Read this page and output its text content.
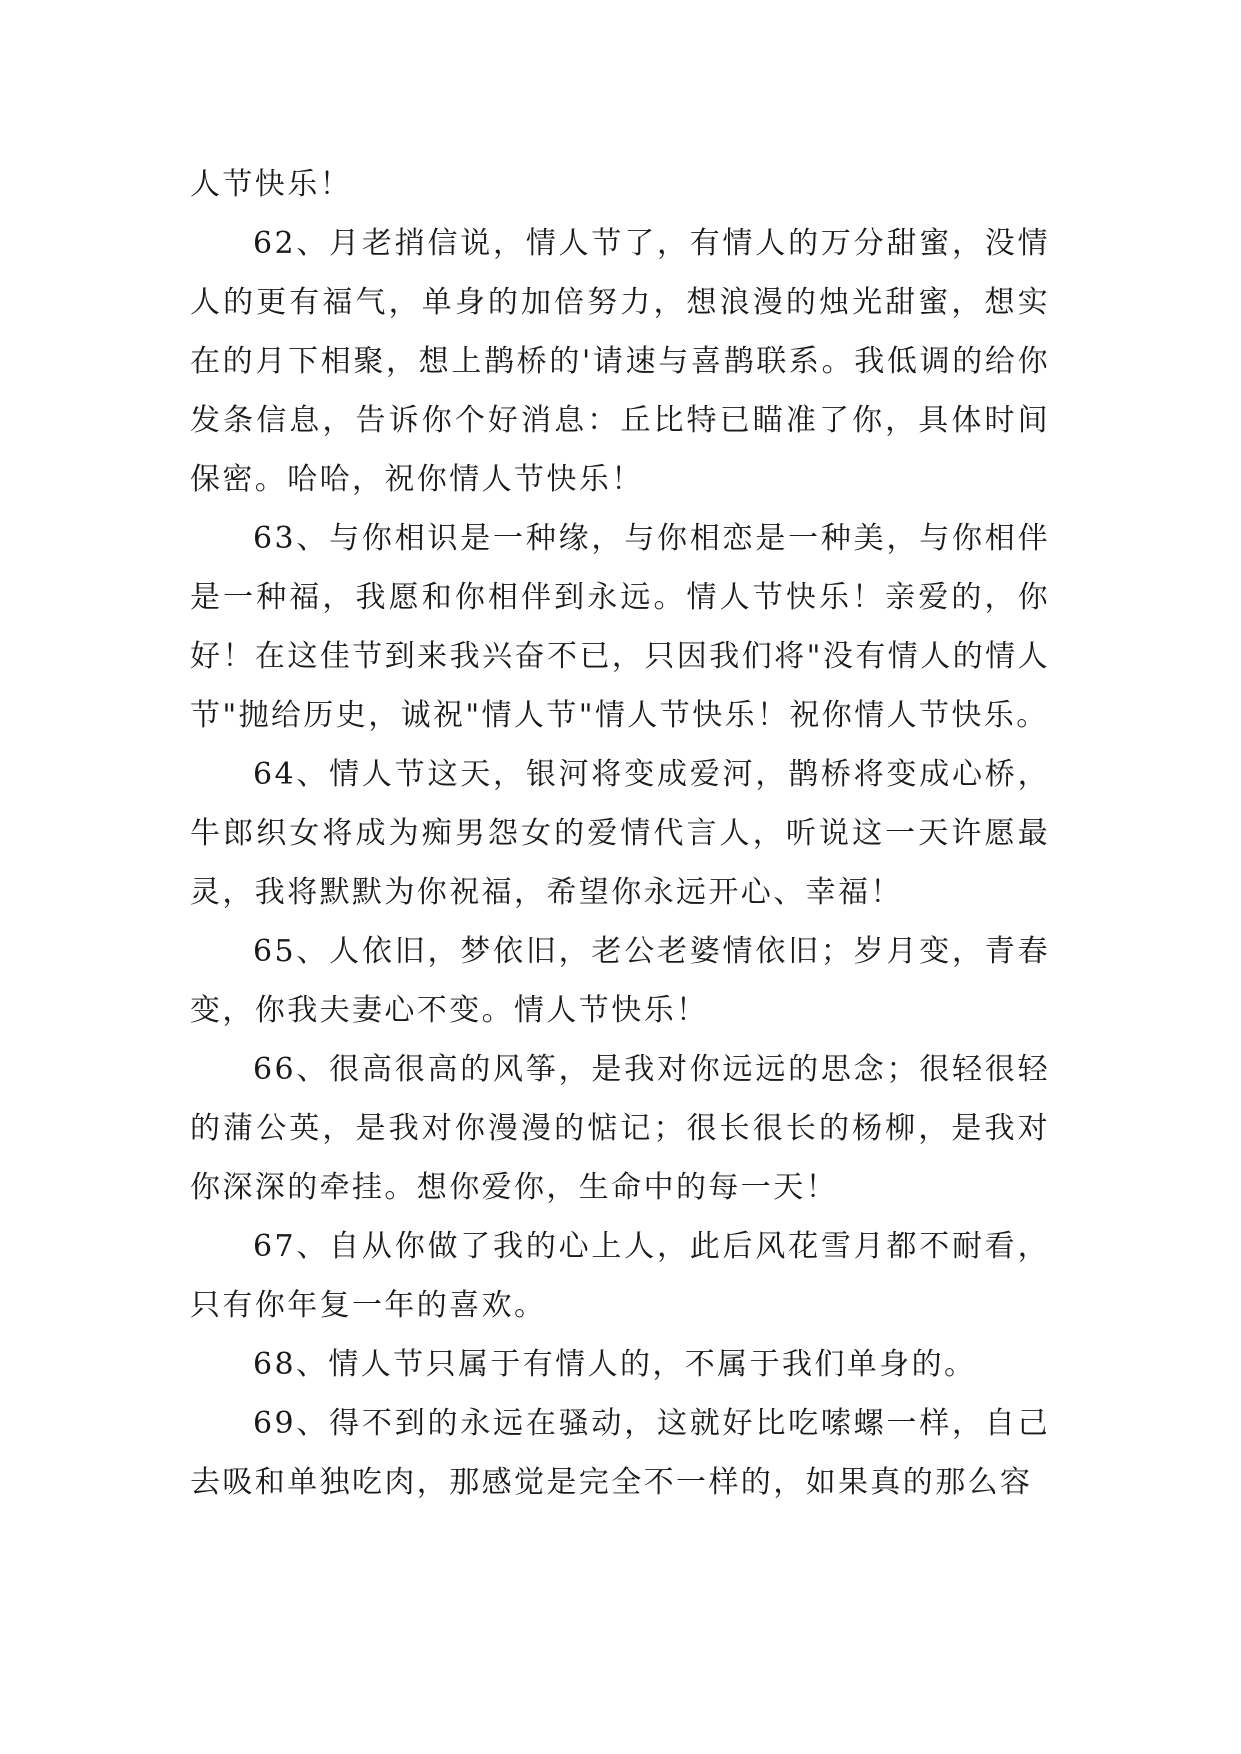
人节快乐！

62、月老捎信说，情人节了，有情人的万分甜蜜，没情人的更有福气，单身的加倍努力，想浪漫的烛光甜蜜，想实在的月下相聚，想上鹊桥的'请速与喜鹊联系。我低调的给你发条信息，告诉你个好消息：丘比特已瞄准了你，具体时间保密。哈哈，祝你情人节快乐！

63、与你相识是一种缘，与你相恋是一种美，与你相伴是一种福，我愿和你相伴到永远。情人节快乐！亲爱的，你好！在这佳节到来我兴奋不已，只因我们将"没有情人的情人节"抛给历史，诚祝"情人节"情人节快乐！祝你情人节快乐。

64、情人节这天，银河将变成爱河，鹊桥将变成心桥，牛郎织女将成为痴男怨女的爱情代言人，听说这一天许愿最灵，我将默默为你祝福，希望你永远开心、幸福！

65、人依旧，梦依旧，老公老婆情依旧；岁月变，青春变，你我夫妻心不变。情人节快乐！

66、很高很高的风筝，是我对你远远的思念；很轻很轻的蒲公英，是我对你漫漫的惦记；很长很长的杨柳，是我对你深深的牵挂。想你爱你，生命中的每一天！

67、自从你做了我的心上人，此后风花雪月都不耐看，只有你年复一年的喜欢。

68、情人节只属于有情人的，不属于我们单身的。

69、得不到的永远在骚动，这就好比吃嗦螺一样，自己去吸和单独吃肉，那感觉是完全不一样的，如果真的那么容
